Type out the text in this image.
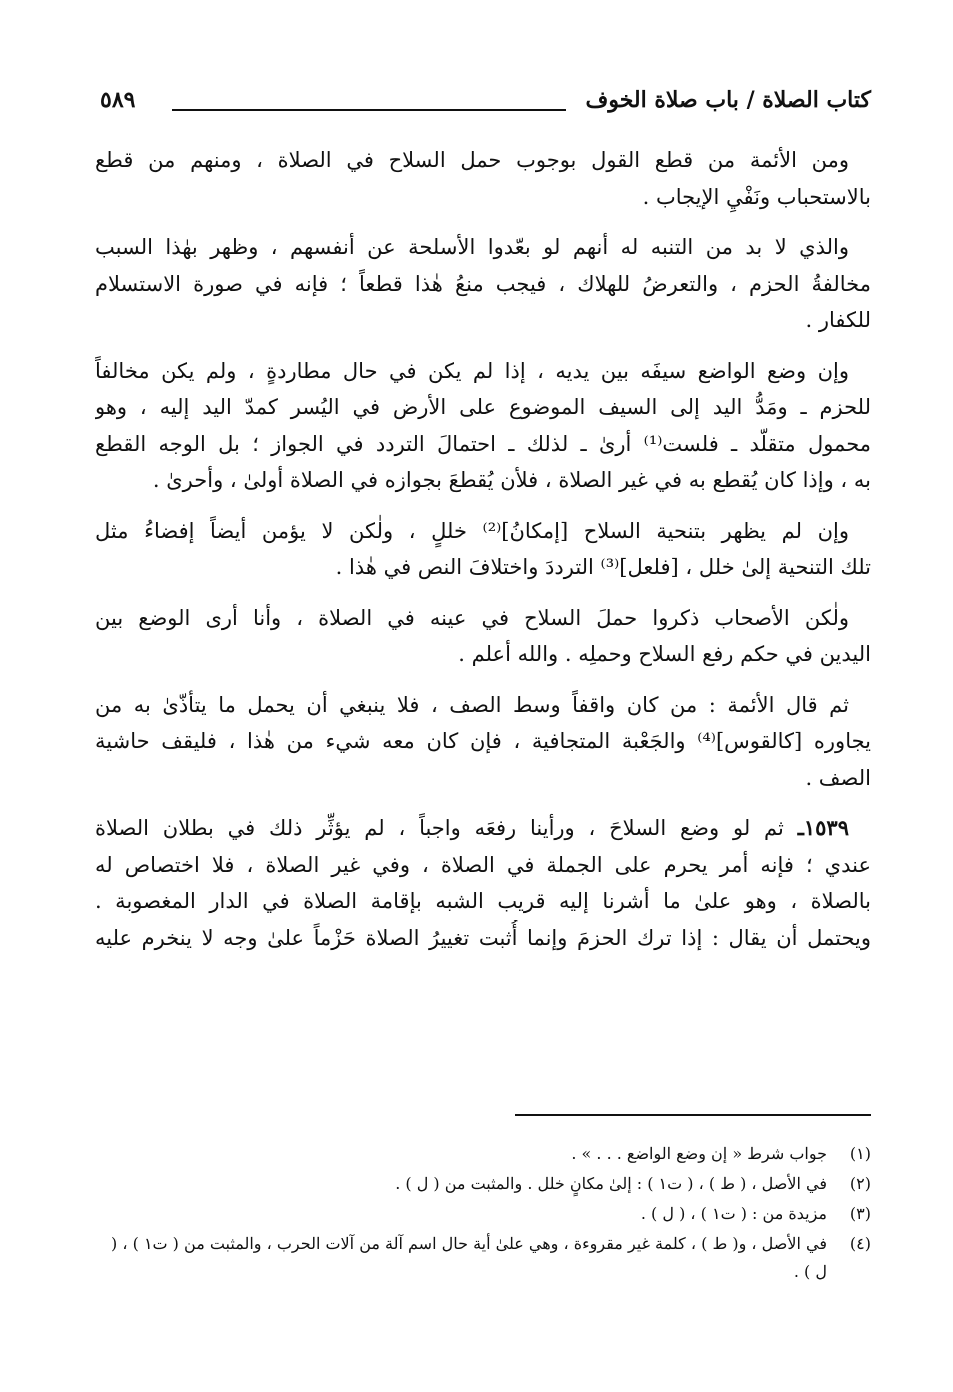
كتاب الصلاة / باب صلاة الخوف
٥٨٩
ومن الأئمة من قطع القول بوجوب حمل السلاح في الصلاة ، ومنهم من قطع
بالاستحباب ونَفْيِ الإيجاب .
والذي لا بد من التنبه له أنهم لو بعّدوا الأسلحة عن أنفسهم ، وظهر بهٰذا السبب
مخالفةُ الحزم ، والتعرضُ للهلاك ، فيجب منعُ هٰذا قطعاً ؛ فإنه في صورة الاستسلام
للكفار .
وإن وضع الواضع سيفَه بين يديه ، إذا لم يكن في حال مطاردةٍ ، ولم يكن مخالفاً
للحزم ـ ومَدُّ اليد إلى السيف الموضوع على الأرض في اليُسر كمدّ اليد إليه ، وهو
محمول متقلّد ـ فلست⁽¹⁾ أرىٰ ـ لذلك ـ احتمالَ التردد في الجواز ؛ بل الوجه القطع
به ، وإذا كان يُقطع به في غير الصلاة ، فلأن يُقطعَ بجوازه في الصلاة أولىٰ ، وأحرىٰ .
وإن لم يظهر بتنحية السلاح [إمكانُ]⁽²⁾ خللٍ ، ولٰكن لا يؤمن أيضاً إفضاءُ مثل
تلك التنحية إلىٰ خلل ، [فلعل]⁽³⁾ الترددَ واختلافَ النص في هٰذا .
ولٰكن الأصحاب ذكروا حملَ السلاح في عينه في الصلاة ، وأنا أرى الوضع بين
اليدين في حكم رفع السلاح وحملِه . والله أعلم .
ثم قال الأئمة : من كان واقفاً وسط الصف ، فلا ينبغي أن يحمل ما يتأذّىٰ به من
يجاوره [كالقوس]⁽⁴⁾ والجَعْبة المتجافية ، فإن كان معه شيء من هٰذا ، فليقف حاشية
الصف .
١٥٣٩ـ ثم لو وضع السلاحَ ، ورأينا رفعَه واجباً ، لم يؤثِّر ذلك في بطلان الصلاة
عندي ؛ فإنه أمر يحرم على الجملة في الصلاة ، وفي غير الصلاة ، فلا اختصاص له
بالصلاة ، وهو علىٰ ما أشرنا إليه قريب الشبه بإقامة الصلاة في الدار المغصوبة .
ويحتمل أن يقال : إذا ترك الحزمَ وإنما أُثبت تغييرُ الصلاة حَزْماً علىٰ وجه لا ينخرم عليه
(١)
جواب شرط « إن وضع الواضع . . . » .
(٢)
في الأصل ، ( ط ) ، ( ت١ ) : إلىٰ مكانٍ خلل . والمثبت من ( ل ) .
(٣)
مزيدة من : ( ت١ ) ، ( ل ) .
(٤)
في الأصل ، و( ط ) ، كلمة غير مقروءة ، وهي علىٰ أية حال اسم آلة من آلات الحرب ، والمثبت من ( ت١ ) ، ( ل ) .
